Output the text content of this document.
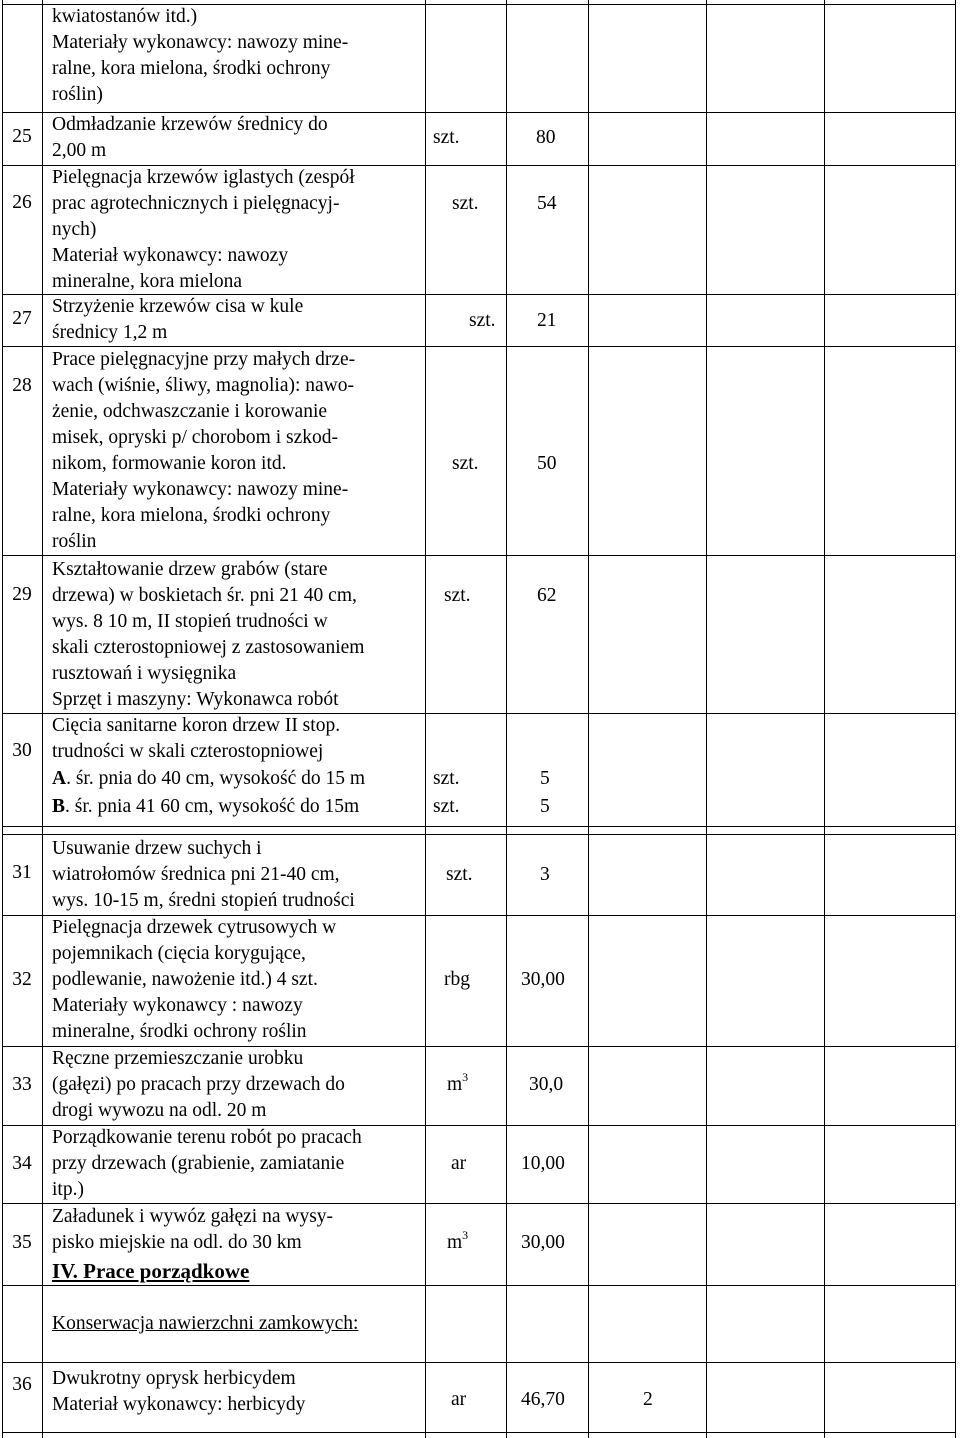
kwiatostanów itd.)
Materiały wykonawcy: nawozy mine-
ralne, kora mielona, środki ochrony
roślin)
25
Odmładzanie krzewów średnicy do
2,00 m
szt.	80
26
Pielęgnacja krzewów iglastych (zespół
prac agrotechnicznych i pielęgnacyj-
nych)
Materiał wykonawcy: nawozy
mineralne, kora mielona
szt.	54
27
Strzyżenie krzewów cisa w kule
średnicy 1,2 m
szt. 21
28
Prace pielęgnacyjne przy małych drze-
wach (wiśnie, śliwy, magnolia): nawo-
żenie, odchwaszczanie i korowanie
misek, opryski p/ chorobom i szkod-
nikom, formowanie koron itd.
Materiały wykonawcy: nawozy mine-
ralne, kora mielona, środki ochrony
roślin
szt.	50
29
Kształtowanie drzew grabów (stare
drzewa) w boskietach śr. pni 21 40 cm,
wys. 8 10 m, II stopień trudności w
skali czterostopniowej z zastosowaniem
rusztowań i wysięgnika
Sprzęt i maszyny: Wykonawca robót
szt.	62
30
Cięcia sanitarne koron drzew II stop.
trudności w skali czterostopniowej
A. śr. pnia do 40 cm, wysokość do 15 m	szt.	5
B. śr. pnia 41 60 cm, wysokość do 15m	szt.	5
31
Usuwanie drzew suchych i
wiatrołomów średnica pni 21-40 cm,
wys. 10-15 m, średni stopień trudności
szt.	3
32
Pielęgnacja drzewek cytrusowych w
pojemnikach (cięcia korygujące,
podlewanie, nawożenie itd.) 4 szt.
Materiały wykonawcy : nawozy
mineralne, środki ochrony roślin
rbg	30,00
33
Ręczne przemieszczanie urobku
(gałęzi) po pracach przy drzewach do
drogi wywozu na odl. 20 m
$m^3$	30,0
34
Porządkowanie terenu robót po pracach
przy drzewach (grabienie, zamiatanie
itp.)
ar	10,00
35
Załadunek i wywóz gałęzi na wysy-
pisko miejskie na odl. do 30 km	$m^3$	30,00
IV. Prace porządkowe
Konserwacja nawierzchni zamkowych:
36	Dwukrotny oprysk herbicydem
Materiał wykonawcy: herbicydy	ar	46,70	2
